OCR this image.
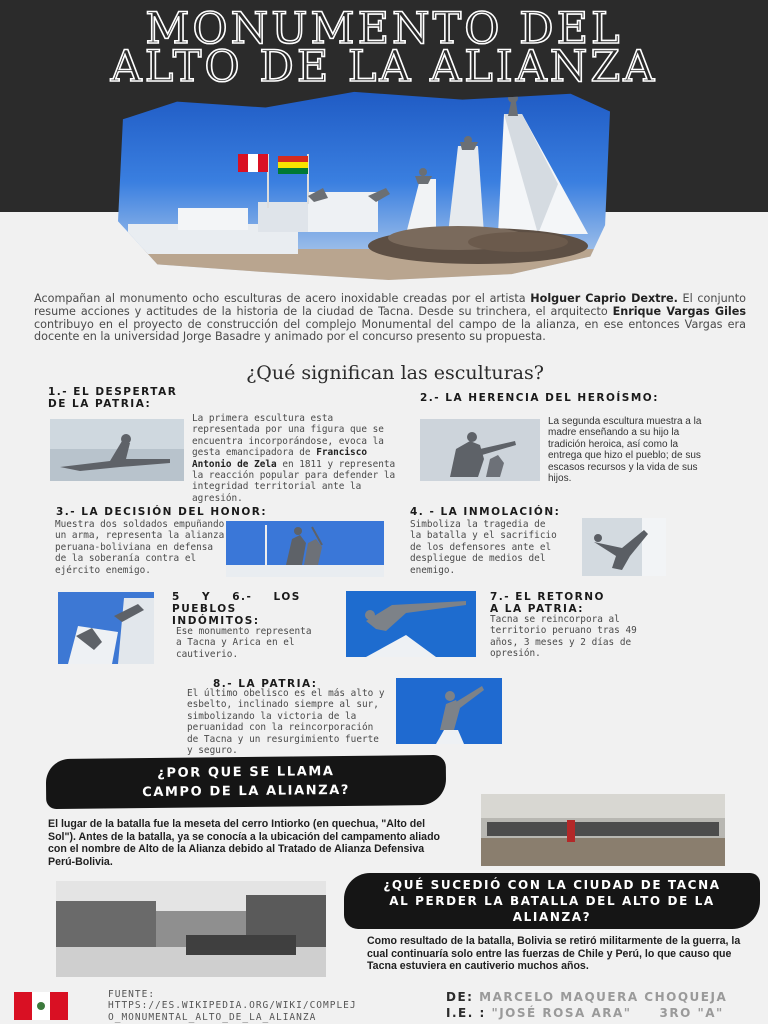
MONUMENTO DEL
ALTO DE LA ALIANZA

Acompañan al monumento ocho esculturas de acero inoxidable creadas por el artista Holguer Caprio Dextre. El conjunto resume acciones y actitudes de la historia de la ciudad de Tacna. Desde su trinchera, el arquitecto Enrique Vargas Giles contribuyo en el proyecto de construcción del complejo Monumental del campo de la alianza, en ese entonces Vargas era docente en la universidad Jorge Basadre y animado por el concurso presento su propuesta.

¿Qué significan las esculturas?

1.- EL DESPERTAR
DE LA PATRIA:

La primera escultura esta representada por una figura que se encuentra incorporándose, evoca la gesta emancipadora de Francisco Antonio de Zela en 1811 y representa la reacción popular para defender la integridad territorial ante la agresión.

2.- LA HERENCIA DEL HEROÍSMO:

La segunda escultura muestra a la madre enseñando a su hijo la tradición heroica, así como la entrega que hizo el pueblo; de sus escasos recursos y la vida de sus hijos.

3.- LA DECISIÓN DEL HONOR:

Muestra dos soldados empuñando un arma, representa la alianza peruana-boliviana en defensa de la soberanía contra el ejército enemigo.

4. - LA INMOLACIÓN:

Simboliza la tragedia de la batalla y el sacrificio de los defensores ante el despliegue de medios del enemigo.

5 Y 6.- LOS
PUEBLOS
INDÓMITOS:

Ese monumento representa a Tacna y Arica en el cautiverio.

7.- EL RETORNO
A LA PATRIA:

Tacna se reincorpora al territorio peruano tras 49 años, 3 meses y 2 días de opresión.

8.- LA PATRIA:

El último obelisco es el más alto y esbelto, inclinado siempre al sur, simbolizando la victoria de la peruanidad con la reincorporación de Tacna y un resurgimiento fuerte y seguro.

¿POR QUE SE LLAMA
CAMPO DE LA ALIANZA?

El lugar de la batalla fue la meseta del cerro Intiorko (en quechua, "Alto del Sol"). Antes de la batalla, ya se conocía a la ubicación del campamento aliado con el nombre de Alto de la Alianza debido al Tratado de Alianza Defensiva Perú-Bolivia.

¿QUÉ SUCEDIÓ CON LA CIUDAD DE TACNA
AL PERDER LA BATALLA DEL ALTO DE LA
ALIANZA?

Como resultado de la batalla, Bolivia se retiró militarmente de la guerra, la cual continuaría solo entre las fuerzas de Chile y Perú, lo que causo que Tacna estuviera en cautiverio muchos años.

FUENTE:
HTTPS://ES.WIKIPEDIA.ORG/WIKI/COMPLEJ
O_MONUMENTAL_ALTO_DE_LA_ALIANZA
DE: MARCELO MAQUERA CHOQUEJA
I.E. : "JOSÉ ROSA ARA" 3RO "A"
